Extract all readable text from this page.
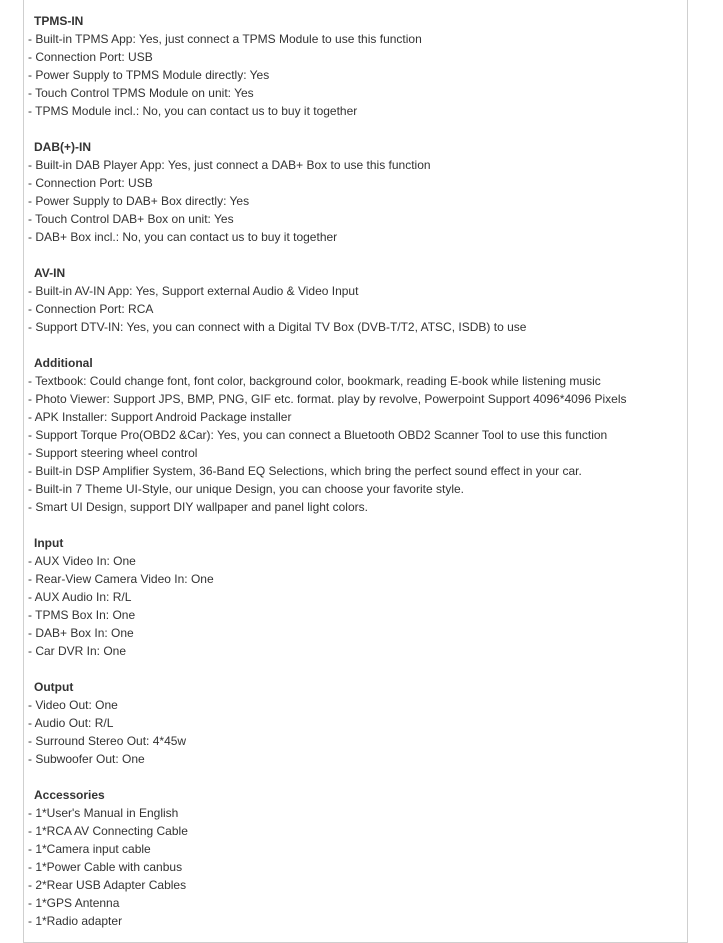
TPMS-IN
- Built-in TPMS App: Yes, just connect a TPMS Module to use this function
- Connection Port: USB
- Power Supply to TPMS Module directly: Yes
- Touch Control TPMS Module on unit: Yes
- TPMS Module incl.: No, you can contact us to buy it together
DAB(+)-IN
- Built-in DAB Player App: Yes, just connect a DAB+ Box to use this function
- Connection Port: USB
- Power Supply to DAB+ Box directly: Yes
- Touch Control DAB+ Box on unit: Yes
- DAB+ Box incl.: No, you can contact us to buy it together
AV-IN
- Built-in AV-IN App: Yes, Support external Audio & Video Input
- Connection Port: RCA
- Support DTV-IN: Yes, you can connect with a Digital TV Box (DVB-T/T2, ATSC, ISDB) to use
Additional
- Textbook: Could change font, font color, background color, bookmark, reading E-book while listening music
- Photo Viewer: Support JPS, BMP, PNG, GIF etc. format. play by revolve, Powerpoint Support 4096*4096 Pixels
- APK Installer: Support Android Package installer
- Support Torque Pro(OBD2 &Car): Yes, you can connect a Bluetooth OBD2 Scanner Tool to use this function
- Support steering wheel control
- Built-in DSP Amplifier System, 36-Band EQ Selections, which bring the perfect sound effect in your car.
- Built-in 7 Theme UI-Style, our unique Design, you can choose your favorite style.
- Smart UI Design, support DIY wallpaper and panel light colors.
Input
- AUX Video In: One
- Rear-View Camera Video In: One
- AUX Audio In: R/L
- TPMS Box In: One
- DAB+ Box In: One
- Car DVR In: One
Output
- Video Out: One
- Audio Out: R/L
- Surround Stereo Out: 4*45w
- Subwoofer Out: One
Accessories
- 1*User's Manual in English
- 1*RCA AV Connecting Cable
- 1*Camera input cable
- 1*Power Cable with canbus
- 2*Rear USB Adapter Cables
- 1*GPS Antenna
- 1*Radio adapter
